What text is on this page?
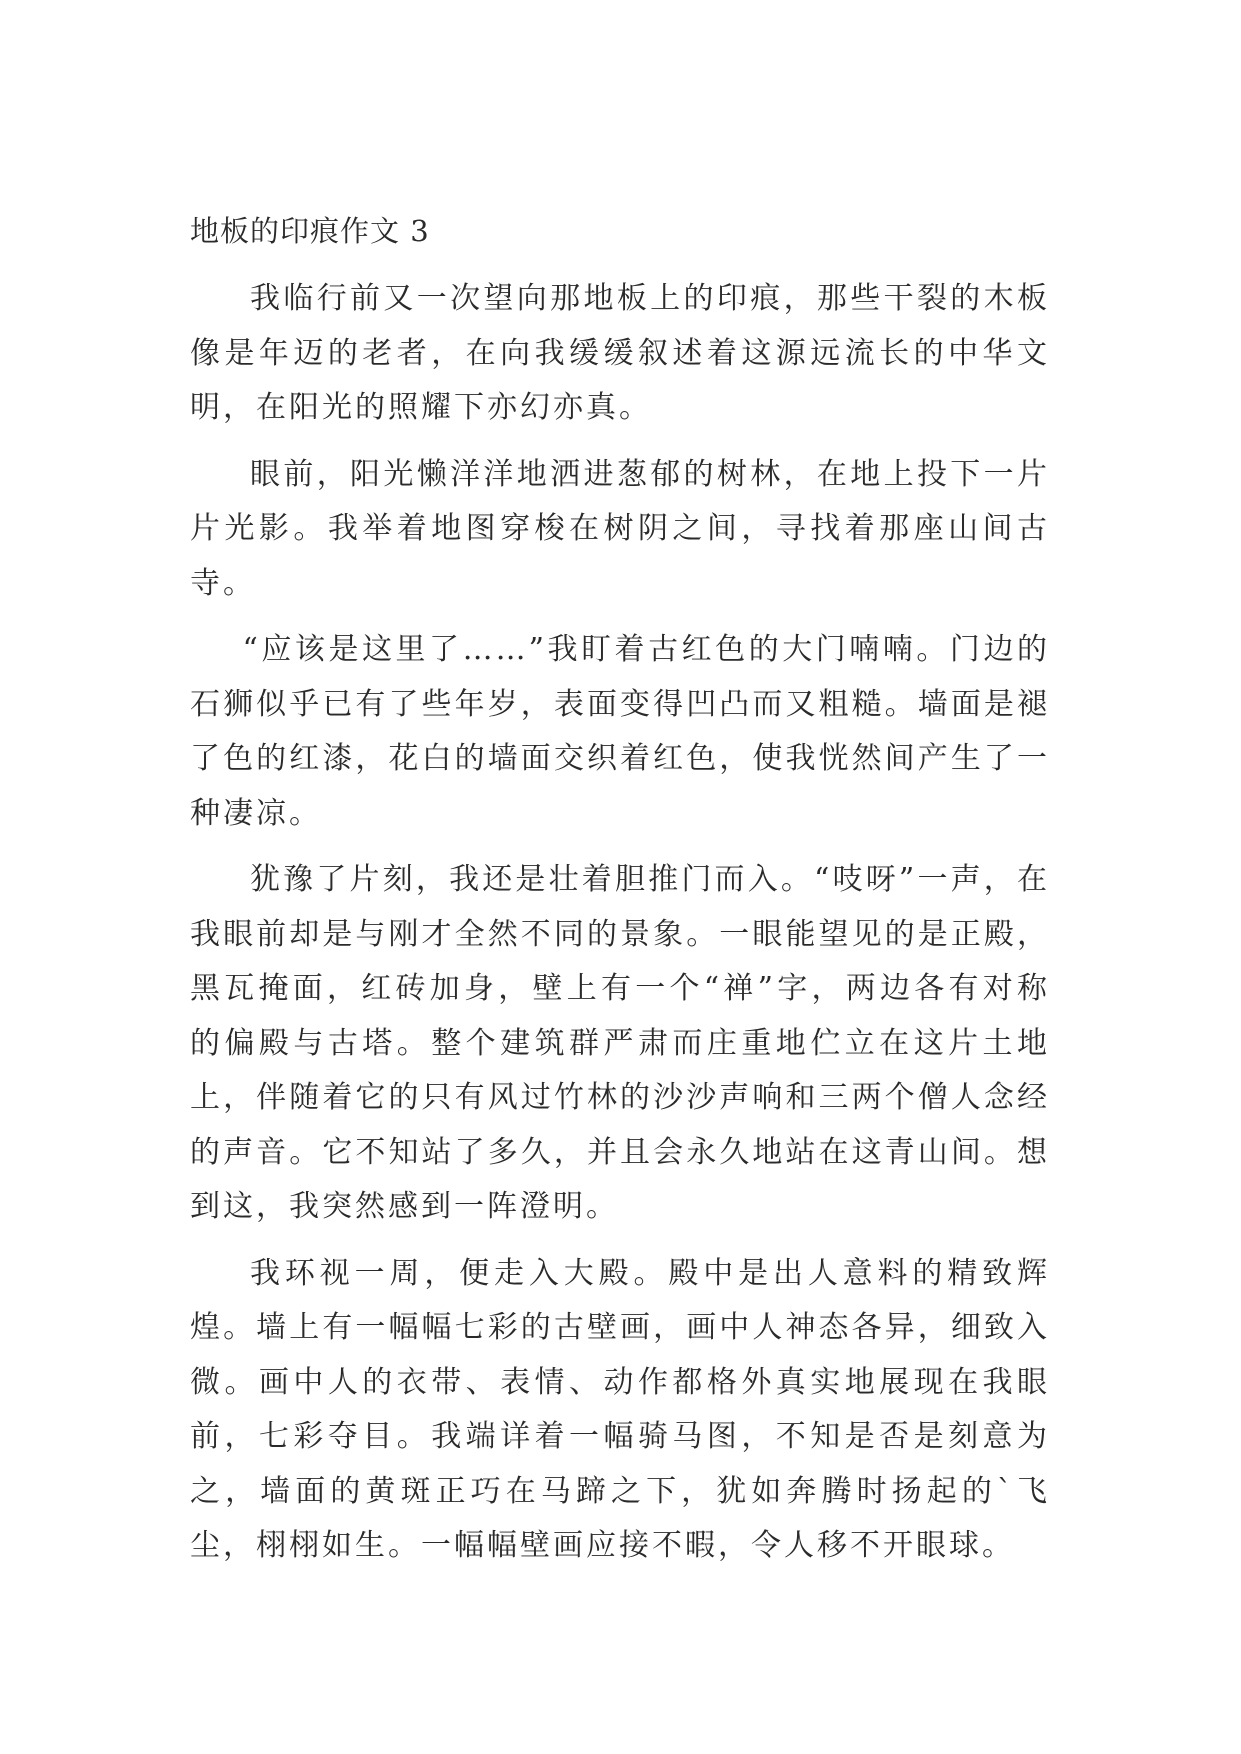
地板的印痕作文 3

我临行前又一次望向那地板上的印痕，那些干裂的木板像是年迈的老者，在向我缓缓叙述着这源远流长的中华文明，在阳光的照耀下亦幻亦真。

眼前，阳光懒洋洋地洒进葱郁的树林，在地上投下一片片光影。我举着地图穿梭在树阴之间，寻找着那座山间古寺。

“应该是这里了……”我盯着古红色的大门喃喃。门边的石狮似乎已有了些年岁，表面变得凹凸而又粗糙。墙面是褪了色的红漆，花白的墙面交织着红色，使我恍然间产生了一种凄凉。

犹豫了片刻，我还是壮着胆推门而入。“吱呀”一声，在我眼前却是与刚才全然不同的景象。一眼能望见的是正殿，黑瓦掩面，红砖加身，壁上有一个“禅”字，两边各有对称的偏殿与古塔。整个建筑群严肃而庄重地伫立在这片土地上，伴随着它的只有风过竹林的沙沙声响和三两个僧人念经的声音。它不知站了多久，并且会永久地站在这青山间。想到这，我突然感到一阵澄明。

我环视一周，便走入大殿。殿中是出人意料的精致辉煌。墙上有一幅幅七彩的古壁画，画中人神态各异，细致入微。画中人的衣带、表情、动作都格外真实地展现在我眼前，七彩夺目。我端详着一幅骑马图，不知是否是刻意为之，墙面的黄斑正巧在马蹄之下，犹如奔腾时扬起的`飞尘，栩栩如生。一幅幅壁画应接不暇，令人移不开眼球。
